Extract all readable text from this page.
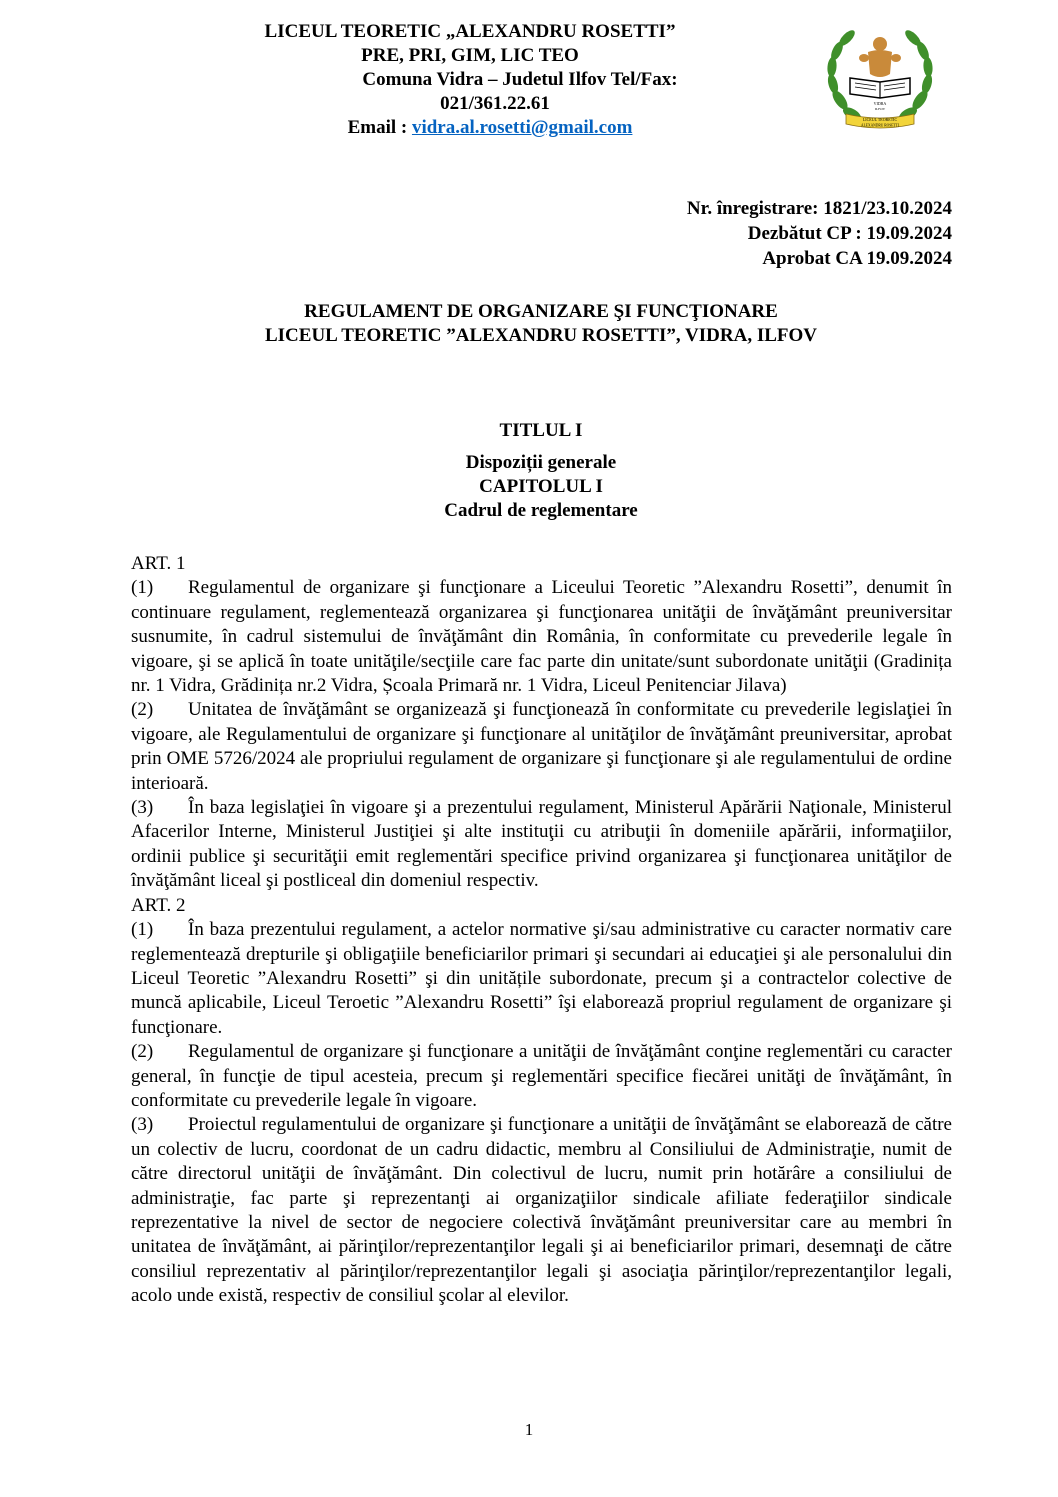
LICEUL TEORETIC „ALEXANDRU ROSETTI”
PRE, PRI, GIM, LIC TEO
Comuna Vidra – Judetul Ilfov Tel/Fax:
021/361.22.61
Email : vidra.al.rosetti@gmail.com
VIDRA
ILFOV
LICEUL TEORETIC
ALEXANDRU ROSETTI
Nr. înregistrare: 1821/23.10.2024
Dezbătut CP : 19.09.2024
Aprobat CA 19.09.2024
REGULAMENT DE ORGANIZARE ŞI FUNCŢIONARE
LICEUL TEORETIC ”ALEXANDRU ROSETTI”, VIDRA, ILFOV
TITLUL I
Dispoziții generale
CAPITOLUL I
Cadrul de reglementare
ART. 1
(1) Regulamentul de organizare şi funcţionare a Liceului Teoretic ”Alexandru Rosetti”, denumit în continuare regulament, reglementează organizarea şi funcţionarea unităţii de învăţământ preuniversitar susnumite, în cadrul sistemului de învăţământ din România, în conformitate cu prevederile legale în vigoare, şi se aplică în toate unităţile/secţiile care fac parte din unitate/sunt subordonate unităţii (Gradinița nr. 1 Vidra, Grădinița nr.2 Vidra, Școala Primară nr. 1 Vidra, Liceul Penitenciar Jilava)
(2) Unitatea de învăţământ se organizează şi funcţionează în conformitate cu prevederile legislaţiei în vigoare, ale Regulamentului de organizare şi funcţionare al unităţilor de învăţământ preuniversitar, aprobat prin OME 5726/2024 ale propriului regulament de organizare şi funcţionare şi ale regulamentului de ordine interioară.
(3) În baza legislaţiei în vigoare şi a prezentului regulament, Ministerul Apărării Naţionale, Ministerul Afacerilor Interne, Ministerul Justiţiei şi alte instituţii cu atribuţii în domeniile apărării, informaţiilor, ordinii publice şi securităţii emit reglementări specifice privind organizarea şi funcţionarea unităţilor de învăţământ liceal şi postliceal din domeniul respectiv.
ART. 2
(1) În baza prezentului regulament, a actelor normative şi/sau administrative cu caracter normativ care reglementează drepturile şi obligaţiile beneficiarilor primari şi secundari ai educaţiei şi ale personalului din Liceul Teoretic ”Alexandru Rosetti” şi din unitățile subordonate, precum şi a contractelor colective de muncă aplicabile, Liceul Teroetic ”Alexandru Rosetti” îşi elaborează propriul regulament de organizare şi funcţionare.
(2) Regulamentul de organizare şi funcţionare a unităţii de învăţământ conţine reglementări cu caracter general, în funcţie de tipul acesteia, precum şi reglementări specifice fiecărei unităţi de învăţământ, în conformitate cu prevederile legale în vigoare.
(3) Proiectul regulamentului de organizare şi funcţionare a unităţii de învăţământ se elaborează de către un colectiv de lucru, coordonat de un cadru didactic, membru al Consiliului de Administraţie, numit de către directorul unităţii de învăţământ. Din colectivul de lucru, numit prin hotărâre a consiliului de administraţie, fac parte şi reprezentanţi ai organizaţiilor sindicale afiliate federaţiilor sindicale reprezentative la nivel de sector de negociere colectivă învăţământ preuniversitar care au membri în unitatea de învăţământ, ai părinţilor/reprezentanţilor legali şi ai beneficiarilor primari, desemnaţi de către consiliul reprezentativ al părinţilor/reprezentanţilor legali şi asociaţia părinţilor/reprezentanţilor legali, acolo unde există, respectiv de consiliul şcolar al elevilor.
1
